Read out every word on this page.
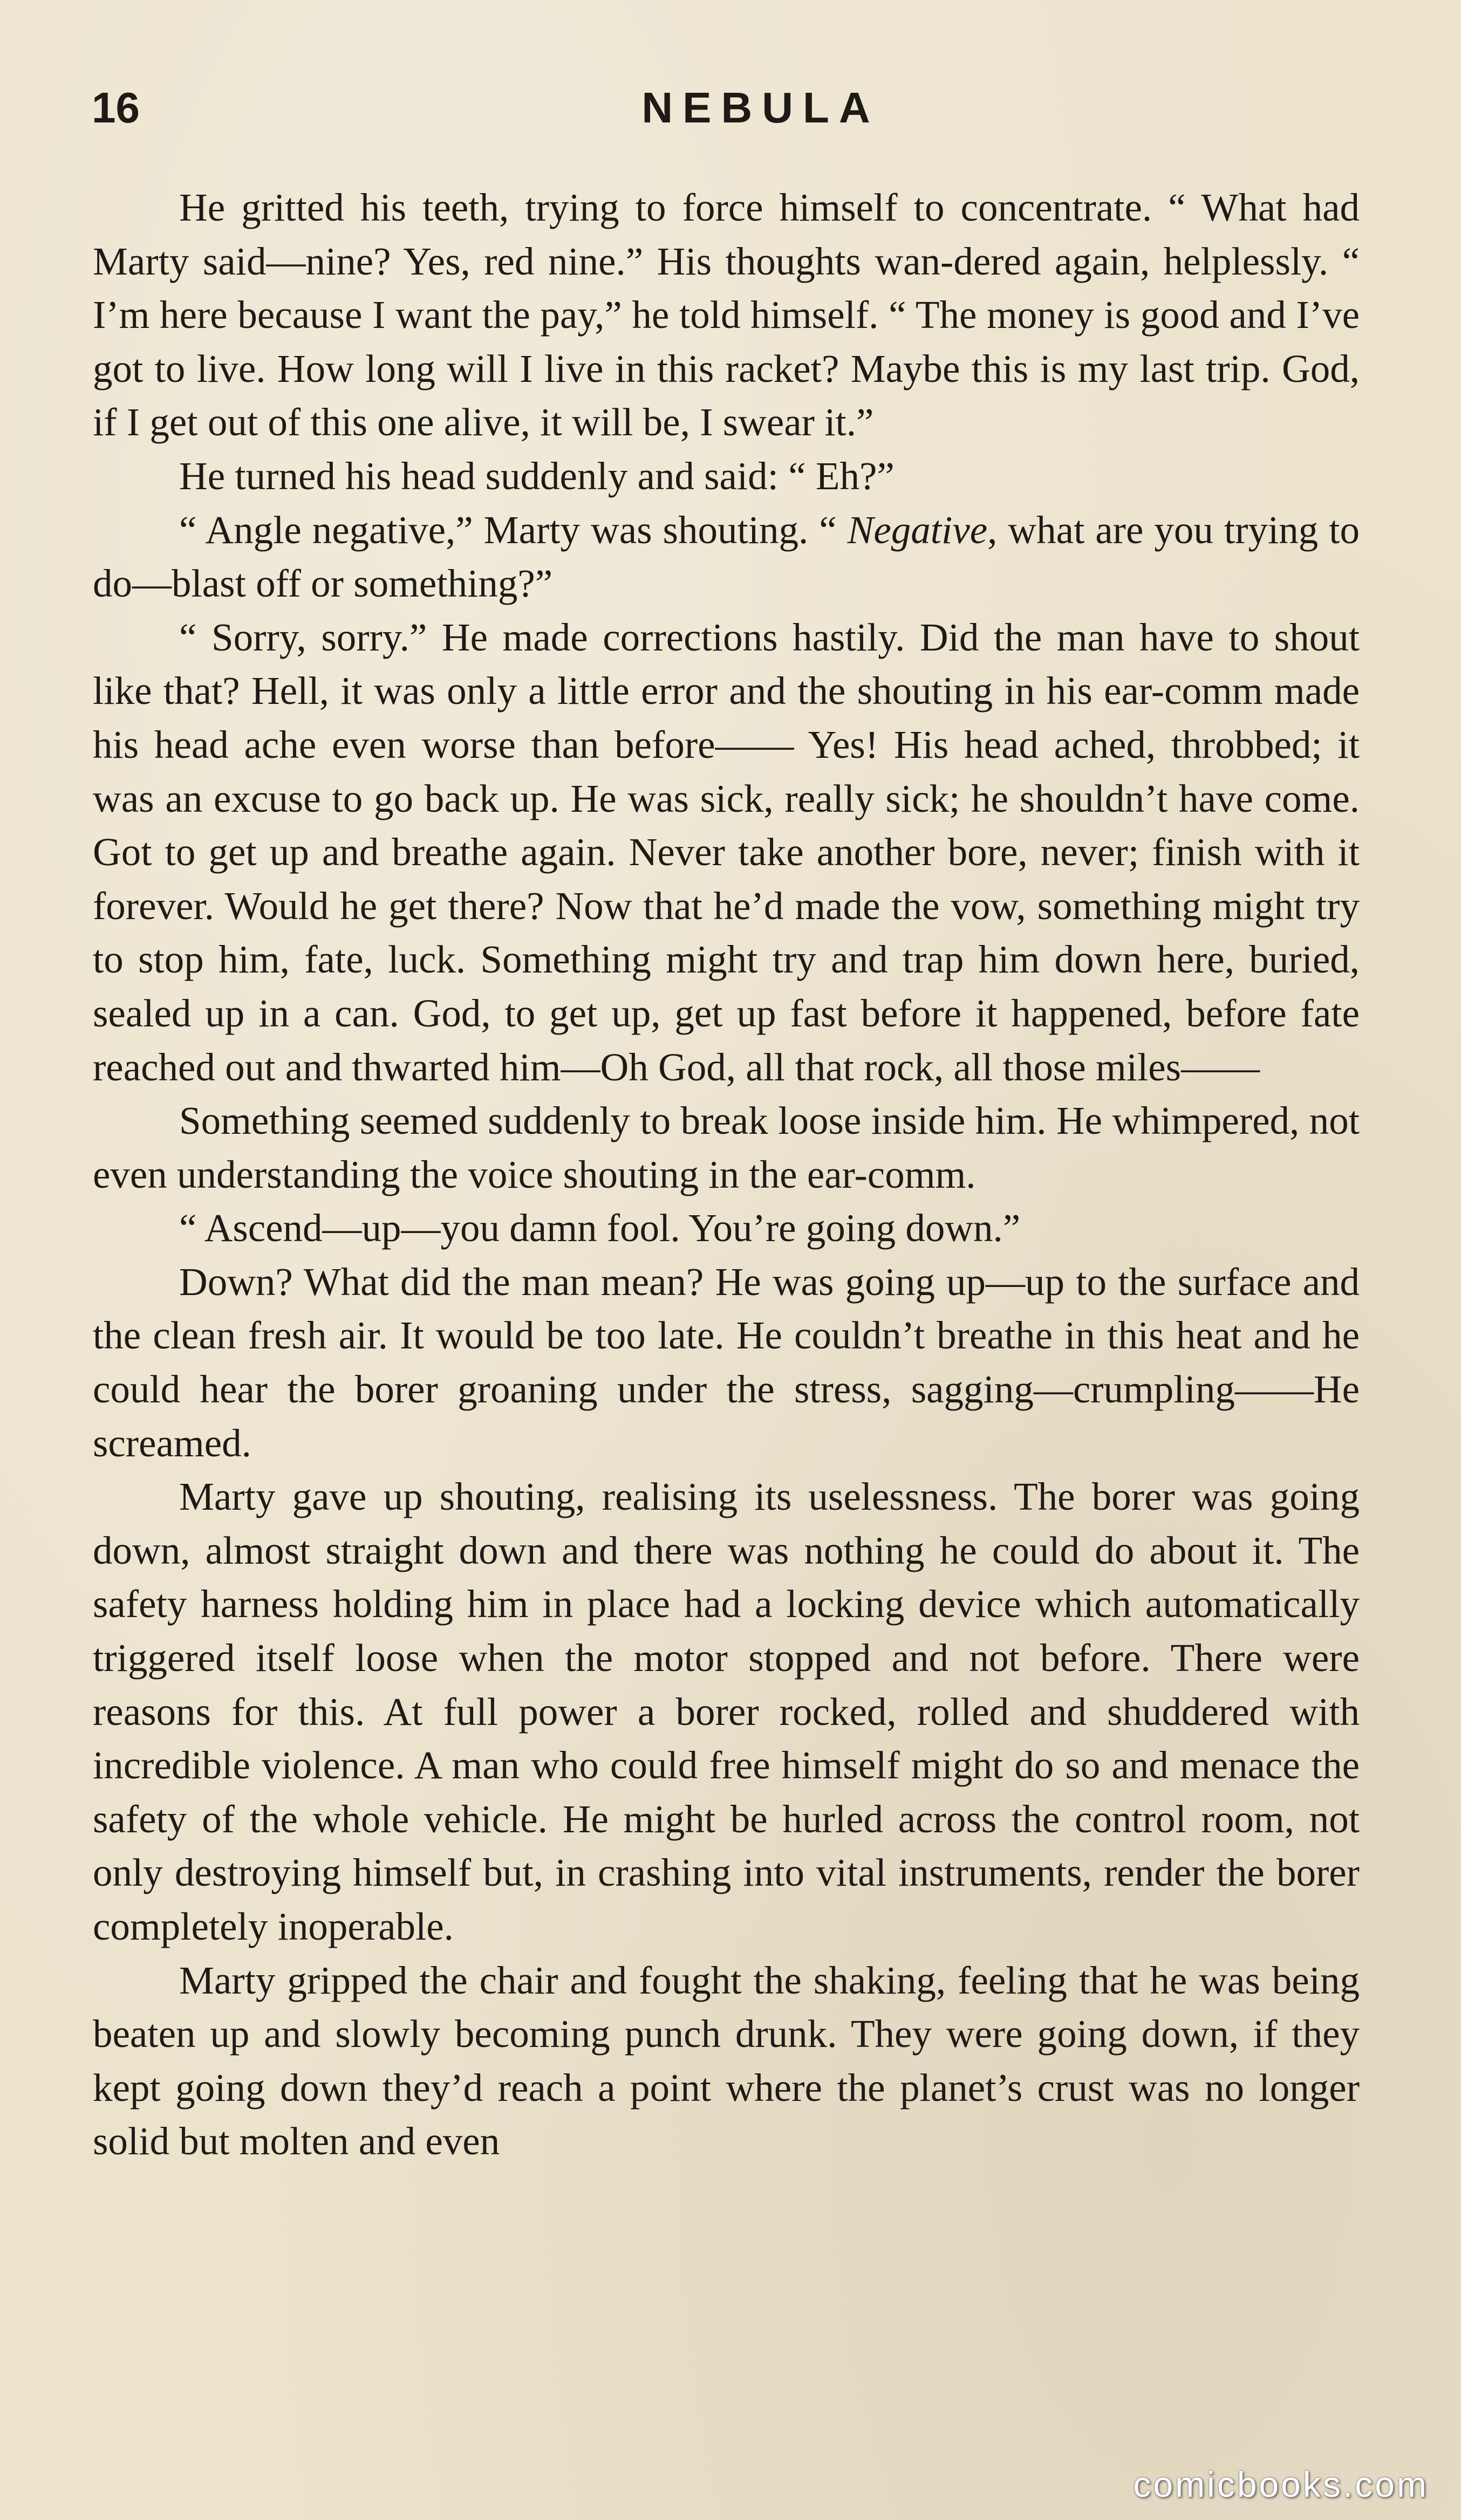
16	NEBULA

He gritted his teeth, trying to force himself to concentrate. “ What had Marty said—nine? Yes, red nine.” His thoughts wan-dered again, helplessly. “ I’m here because I want the pay,” he told himself. “ The money is good and I’ve got to live. How long will I live in this racket? Maybe this is my last trip. God, if I get out of this one alive, it will be, I swear it.”

He turned his head suddenly and said: “ Eh?”

“ Angle negative,” Marty was shouting. “ Negative, what are you trying to do—blast off or something?”

“ Sorry, sorry.” He made corrections hastily. Did the man have to shout like that? Hell, it was only a little error and the shouting in his ear-comm made his head ache even worse than before—— Yes! His head ached, throbbed; it was an excuse to go back up. He was sick, really sick; he shouldn’t have come. Got to get up and breathe again. Never take another bore, never; finish with it forever. Would he get there? Now that he’d made the vow, something might try to stop him, fate, luck. Something might try and trap him down here, buried, sealed up in a can. God, to get up, get up fast before it happened, before fate reached out and thwarted him—Oh God, all that rock, all those miles——

Something seemed suddenly to break loose inside him. He whimpered, not even understanding the voice shouting in the ear-comm.

“ Ascend—up—you damn fool. You’re going down.”

Down? What did the man mean? He was going up—up to the surface and the clean fresh air. It would be too late. He couldn’t breathe in this heat and he could hear the borer groaning under the stress, sagging—crumpling——He screamed.

Marty gave up shouting, realising its uselessness. The borer was going down, almost straight down and there was nothing he could do about it. The safety harness holding him in place had a locking device which automatically triggered itself loose when the motor stopped and not before. There were reasons for this. At full power a borer rocked, rolled and shuddered with incredible violence. A man who could free himself might do so and menace the safety of the whole vehicle. He might be hurled across the control room, not only destroying himself but, in crashing into vital instruments, render the borer completely inoperable.

Marty gripped the chair and fought the shaking, feeling that he was being beaten up and slowly becoming punch drunk. They were going down, if they kept going down they’d reach a point where the planet’s crust was no longer solid but molten and even

comicbooks.com
